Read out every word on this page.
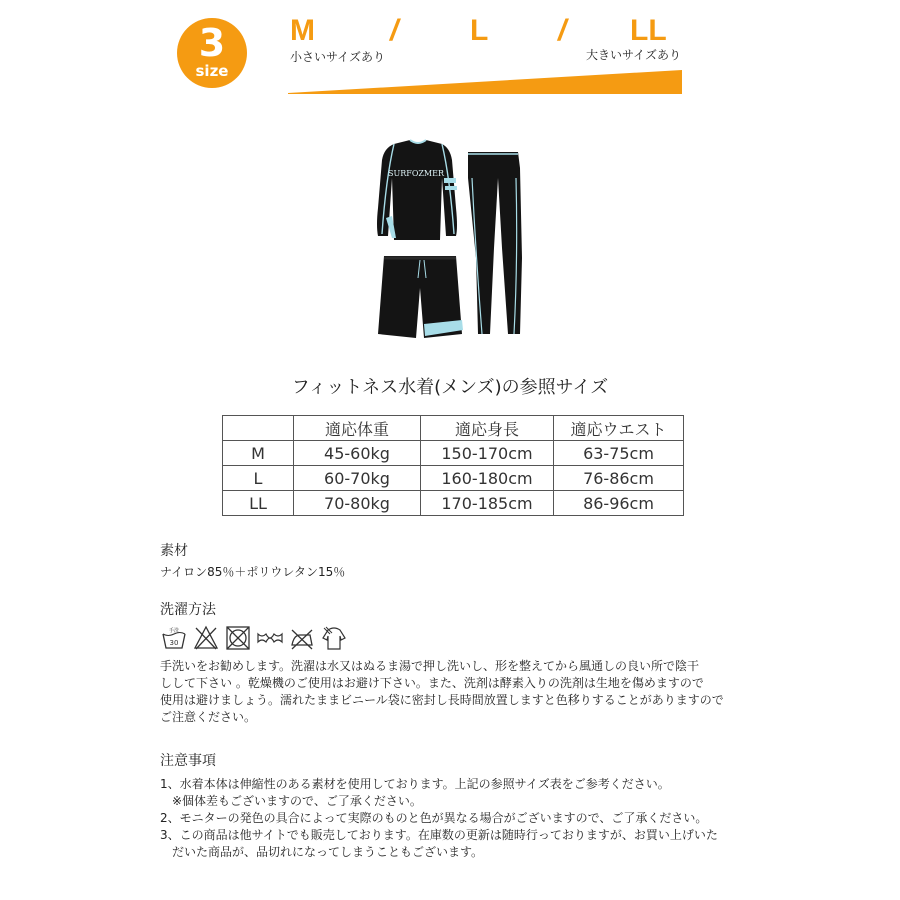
3
size
M	/ L / LL
小さいサイズあり	大きいサイズあり
SURFOZMER
フィットネス水着(メンズ)の参照サイズ
	適応体重	適応身長	適応ウエスト
M	45-60kg	150-170cm	63-75cm
L	60-70kg	160-180cm	76-86cm
LL	70-80kg	170-185cm	86-96cm
素材
ナイロン85％＋ポリウレタン15％
洗濯方法
手洗
30
手洗いをお勧めします。洗濯は水又はぬるま湯で押し洗いし、形を整えてから風通しの良い所で陰干
しして下さい 。乾燥機のご使用はお避け下さい。また、洗剤は酵素入りの洗剤は生地を傷めますので
使用は避けましょう。濡れたままビニール袋に密封し長時間放置しますと色移りすることがありますので
ご注意ください。
注意事項
1、水着本体は伸縮性のある素材を使用しております。上記の参照サイズ表をご参考ください。
　※個体差もございますので、ご了承ください。
2、モニターの発色の具合によって実際のものと色が異なる場合がございますので、ご了承ください。
3、この商品は他サイトでも販売しております。在庫数の更新は随時行っておりますが、お買い上げいた
　だいた商品が、品切れになってしまうこともございます。
